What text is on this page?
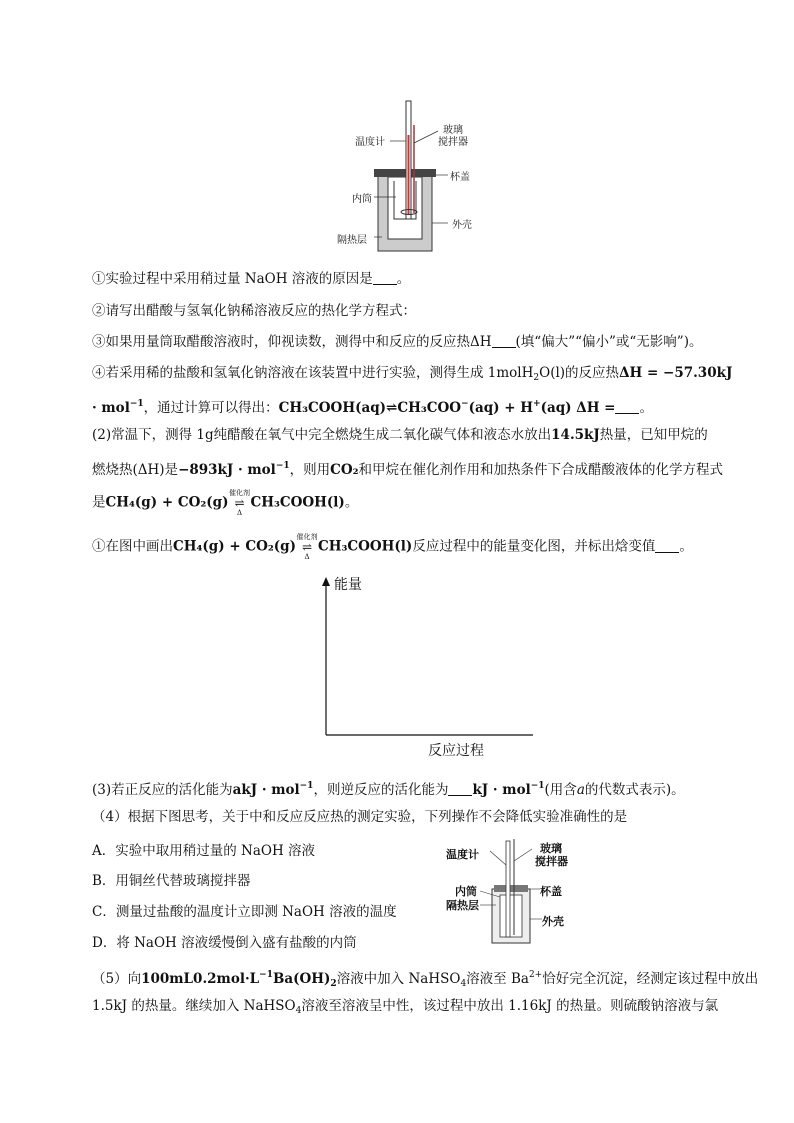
温度计
玻璃
搅拌器
杯盖
内筒
外壳
隔热层
①实验过程中采用稍过量 NaOH 溶液的原因是 。
②请写出醋酸与氢氧化钠稀溶液反应的热化学方程式：
③如果用量筒取醋酸溶液时，仰视读数，测得中和反应的反应热ΔH (填“偏大”“偏小”或“无影响”)。
④若采用稀的盐酸和氢氧化钠溶液在该装置中进行实验，测得生成 1molH$_2$O(l)的反应热ΔH = −57.30kJ
· mol$^{-1}$，通过计算可以得出：CH₃COOH(aq)⇌CH₃COO−(aq) + H+(aq) ΔH = 。
(2)常温下，测得 1g纯醋酸在氧气中完全燃烧生成二氧化碳气体和液态水放出14.5kJ热量，已知甲烷的
燃烧热(ΔH)是−893kJ · mol$^{-1}$，则用CO₂和甲烷在催化剂作用和加热条件下合成醋酸液体的化学方程式
是CH₄(g) + CO₂(g)
催化剂
⇌
Δ
CH₃COOH(l)。
①在图中画出CH₄(g) + CO₂(g)
催化剂
⇌
Δ
CH₃COOH(l)反应过程中的能量变化图，并标出焓变值 。
能量
反应过程
(3)若正反应的活化能为akJ · mol$^{-1}$，则逆反应的活化能为 kJ · mol$^{-1}$(用含a的代数式表示)。
（4）根据下图思考，关于中和反应反应热的测定实验，下列操作不会降低实验准确性的是
A．实验中取用稍过量的 NaOH 溶液
B．用铜丝代替玻璃搅拌器
C．测量过盐酸的温度计立即测 NaOH 溶液的温度
D．将 NaOH 溶液缓慢倒入盛有盐酸的内筒
温度计	玻璃
搅拌器
内筒
隔热层
杯盖
外壳
（5）向$100mL0.2mol\cdot L^{-1}Ba(OH)_2$溶液中加入 NaHSO$_4$溶液至 $Ba^{2+}$恰好完全沉淀，经测定该过程中放出
1.5kJ 的热量。继续加入 NaHSO$_4$溶液至溶液呈中性，该过程中放出 1.16kJ 的热量。则硫酸钠溶液与氯
